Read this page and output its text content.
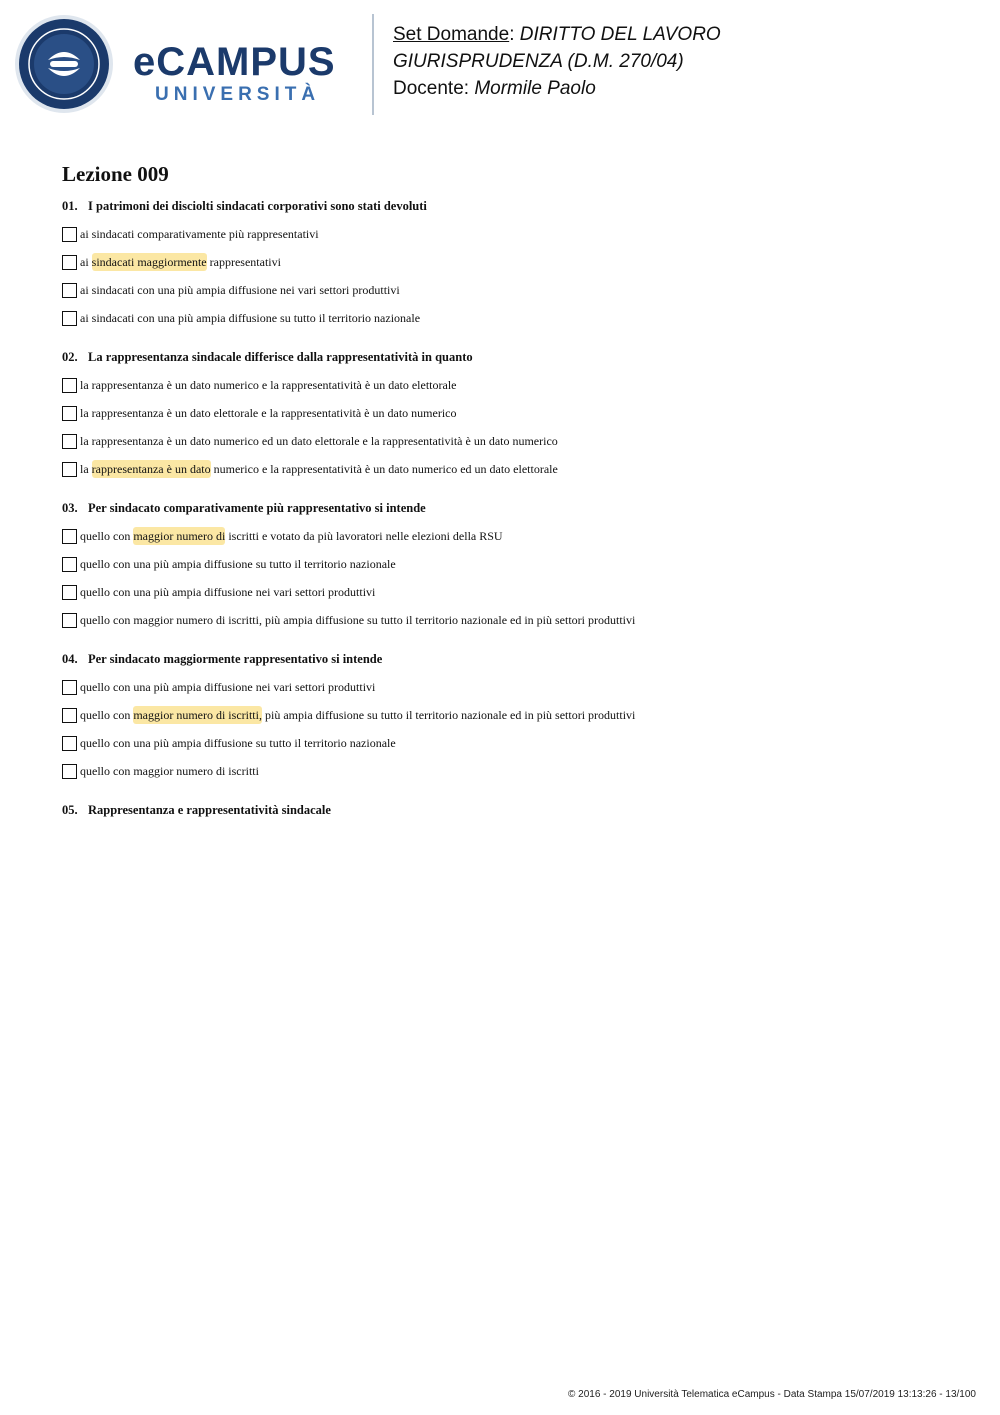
eCAMPUS
UNIVERSITÀ
Set Domande: DIRITTO DEL LAVORO
GIURISPRUDENZA (D.M. 270/04)
Docente: Mormile Paolo
Lezione 009
01. I patrimoni dei disciolti sindacati corporativi sono stati devoluti
ai sindacati comparativamente più rappresentativi
ai sindacati maggiormente rappresentativi
ai sindacati con una più ampia diffusione nei vari settori produttivi
ai sindacati con una più ampia diffusione su tutto il territorio nazionale
02. La rappresentanza sindacale differisce dalla rappresentatività in quanto
la rappresentanza è un dato numerico e la rappresentatività è un dato elettorale
la rappresentanza è un dato elettorale e la rappresentatività è un dato numerico
la rappresentanza è un dato numerico ed un dato elettorale e la rappresentatività è un dato numerico
la rappresentanza è un dato numerico e la rappresentatività è un dato numerico ed un dato elettorale
03. Per sindacato comparativamente più rappresentativo si intende
quello con maggior numero di iscritti e votato da più lavoratori nelle elezioni della RSU
quello con una più ampia diffusione su tutto il territorio nazionale
quello con una più ampia diffusione nei vari settori produttivi
quello con maggior numero di iscritti, più ampia diffusione su tutto il territorio nazionale ed in più settori produttivi
04. Per sindacato maggiormente rappresentativo si intende
quello con una più ampia diffusione nei vari settori produttivi
quello con maggior numero di iscritti, più ampia diffusione su tutto il territorio nazionale ed in più settori produttivi
quello con una più ampia diffusione su tutto il territorio nazionale
quello con maggior numero di iscritti
05. Rappresentanza e rappresentatività sindacale
© 2016 - 2019 Università Telematica eCampus - Data Stampa 15/07/2019 13:13:26 - 13/100
